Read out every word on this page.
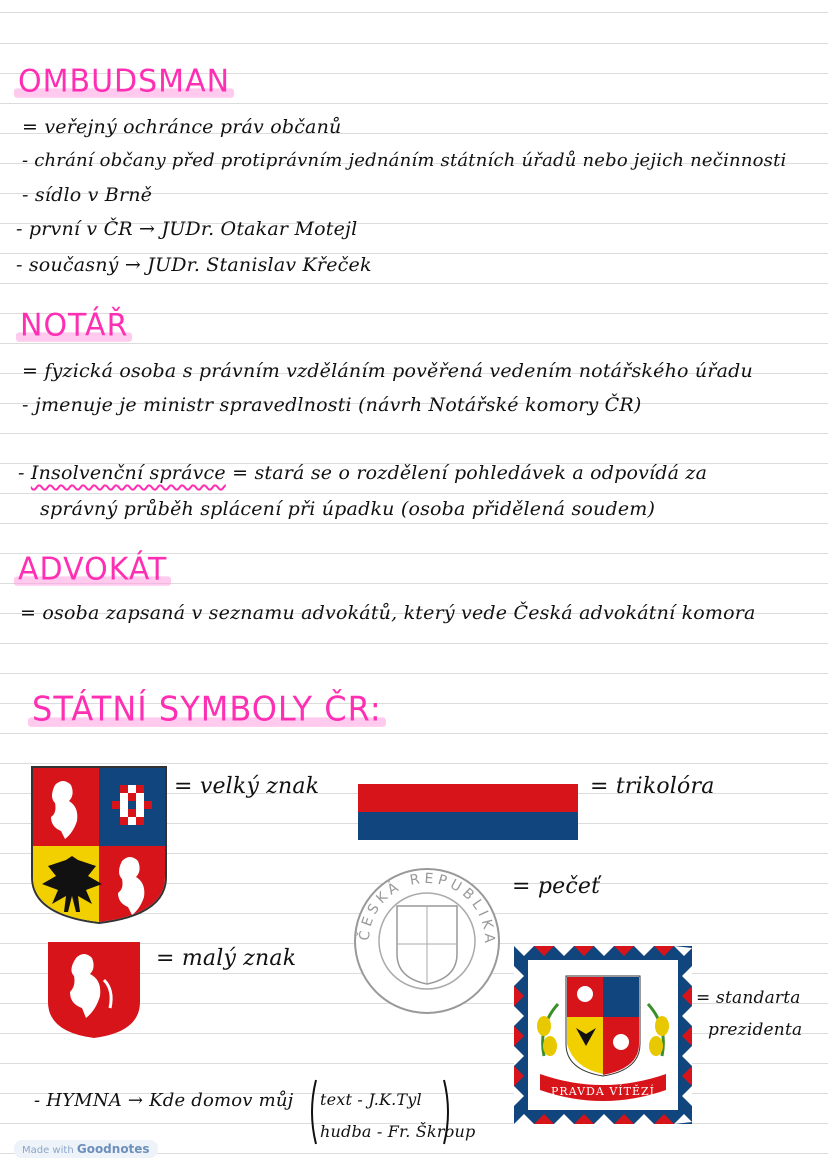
OMBUDSMAN
= veřejný ochránce práv občanů
- chrání občany před protiprávním jednáním státních úřadů nebo jejich nečinnosti
- sídlo v Brně
- první v ČR → JUDr. Otakar Motejl
- současný → JUDr. Stanislav Křeček
NOTÁŘ
= fyzická osoba s právním vzděláním pověřená vedením notářského úřadu
- jmenuje je ministr spravedlnosti (návrh Notářské komory ČR)
- Insolvenční správce = stará se o rozdělení pohledávek a odpovídá za
správný průběh splácení při úpadku (osoba přidělená soudem)
ADVOKÁT
= osoba zapsaná v seznamu advokátů, který vede Česká advokátní komora
STÁTNÍ SYMBOLY ČR:
= velký znak	= trikolóra
ČESKÁ REPUBLIKA
= pečeť
= malý znak
PRAVDA VÍTĚZÍ
= standarta
prezidenta
- HYMNA → Kde domov můj text - J.K.Tyl
hudba - Fr. Škroup
Made with Goodnotes
